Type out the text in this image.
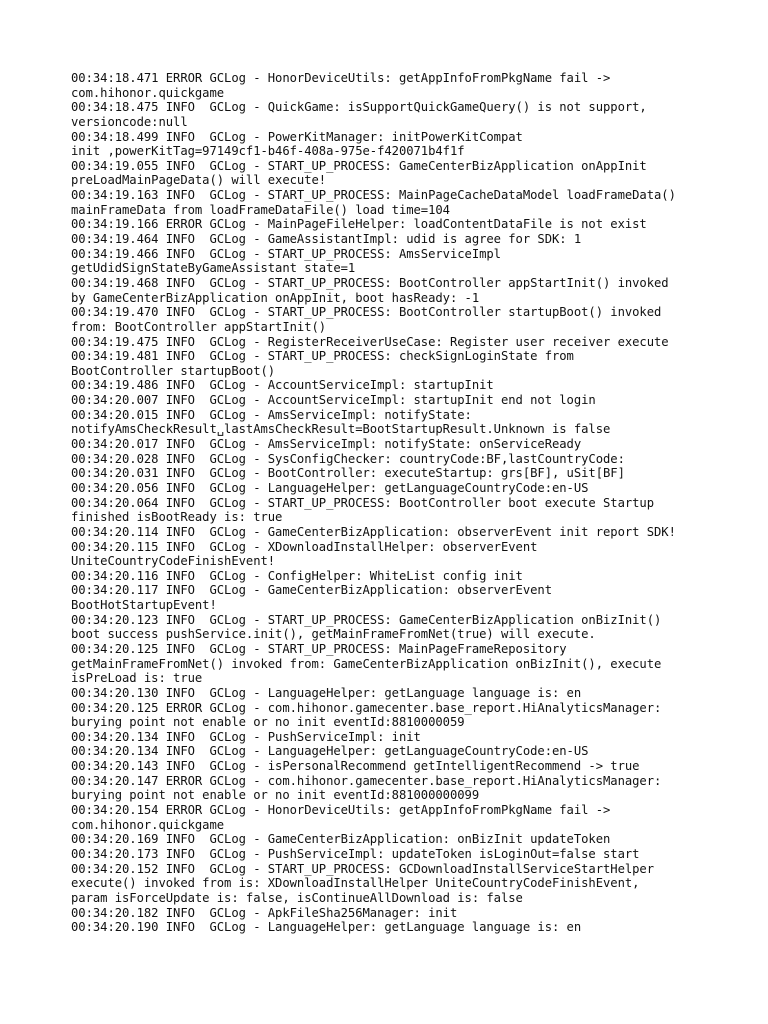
00:34:18.471 ERROR GCLog - HonorDeviceUtils: getAppInfoFromPkgName fail ->
com.hihonor.quickgame
00:34:18.475 INFO  GCLog - QuickGame: isSupportQuickGameQuery() is not support,
versioncode:null
00:34:18.499 INFO  GCLog - PowerKitManager: initPowerKitCompat
init ,powerKitTag=97149cf1-b46f-408a-975e-f420071b4f1f
00:34:19.055 INFO  GCLog - START_UP_PROCESS: GameCenterBizApplication onAppInit
preLoadMainPageData() will execute!
00:34:19.163 INFO  GCLog - START_UP_PROCESS: MainPageCacheDataModel loadFrameData()
mainFrameData from loadFrameDataFile() load time=104
00:34:19.166 ERROR GCLog - MainPageFileHelper: loadContentDataFile is not exist
00:34:19.464 INFO  GCLog - GameAssistantImpl: udid is agree for SDK: 1
00:34:19.466 INFO  GCLog - START_UP_PROCESS: AmsServiceImpl
getUdidSignStateByGameAssistant state=1
00:34:19.468 INFO  GCLog - START_UP_PROCESS: BootController appStartInit() invoked
by GameCenterBizApplication onAppInit, boot hasReady: -1
00:34:19.470 INFO  GCLog - START_UP_PROCESS: BootController startupBoot() invoked
from: BootController appStartInit()
00:34:19.475 INFO  GCLog - RegisterReceiverUseCase: Register user receiver execute
00:34:19.481 INFO  GCLog - START_UP_PROCESS: checkSignLoginState from
BootController startupBoot()
00:34:19.486 INFO  GCLog - AccountServiceImpl: startupInit
00:34:20.007 INFO  GCLog - AccountServiceImpl: startupInit end not login
00:34:20.015 INFO  GCLog - AmsServiceImpl: notifyState:
notifyAmsCheckResult␣lastAmsCheckResult=BootStartupResult.Unknown is false
00:34:20.017 INFO  GCLog - AmsServiceImpl: notifyState: onServiceReady
00:34:20.028 INFO  GCLog - SysConfigChecker: countryCode:BF,lastCountryCode:
00:34:20.031 INFO  GCLog - BootController: executeStartup: grs[BF], uSit[BF]
00:34:20.056 INFO  GCLog - LanguageHelper: getLanguageCountryCode:en-US
00:34:20.064 INFO  GCLog - START_UP_PROCESS: BootController boot execute Startup
finished isBootReady is: true
00:34:20.114 INFO  GCLog - GameCenterBizApplication: observerEvent init report SDK!
00:34:20.115 INFO  GCLog - XDownloadInstallHelper: observerEvent
UniteCountryCodeFinishEvent!
00:34:20.116 INFO  GCLog - ConfigHelper: WhiteList config init
00:34:20.117 INFO  GCLog - GameCenterBizApplication: observerEvent
BootHotStartupEvent!
00:34:20.123 INFO  GCLog - START_UP_PROCESS: GameCenterBizApplication onBizInit()
boot success pushService.init(), getMainFrameFromNet(true) will execute.
00:34:20.125 INFO  GCLog - START_UP_PROCESS: MainPageFrameRepository
getMainFrameFromNet() invoked from: GameCenterBizApplication onBizInit(), execute
isPreLoad is: true
00:34:20.130 INFO  GCLog - LanguageHelper: getLanguage language is: en
00:34:20.125 ERROR GCLog - com.hihonor.gamecenter.base_report.HiAnalyticsManager:
burying point not enable or no init eventId:8810000059
00:34:20.134 INFO  GCLog - PushServiceImpl: init
00:34:20.134 INFO  GCLog - LanguageHelper: getLanguageCountryCode:en-US
00:34:20.143 INFO  GCLog - isPersonalRecommend getIntelligentRecommend -> true
00:34:20.147 ERROR GCLog - com.hihonor.gamecenter.base_report.HiAnalyticsManager:
burying point not enable or no init eventId:881000000099
00:34:20.154 ERROR GCLog - HonorDeviceUtils: getAppInfoFromPkgName fail ->
com.hihonor.quickgame
00:34:20.169 INFO  GCLog - GameCenterBizApplication: onBizInit updateToken
00:34:20.173 INFO  GCLog - PushServiceImpl: updateToken isLoginOut=false start
00:34:20.152 INFO  GCLog - START_UP_PROCESS: GCDownloadInstallServiceStartHelper
execute() invoked from is: XDownloadInstallHelper UniteCountryCodeFinishEvent,
param isForceUpdate is: false, isContinueAllDownload is: false
00:34:20.182 INFO  GCLog - ApkFileSha256Manager: init
00:34:20.190 INFO  GCLog - LanguageHelper: getLanguage language is: en
